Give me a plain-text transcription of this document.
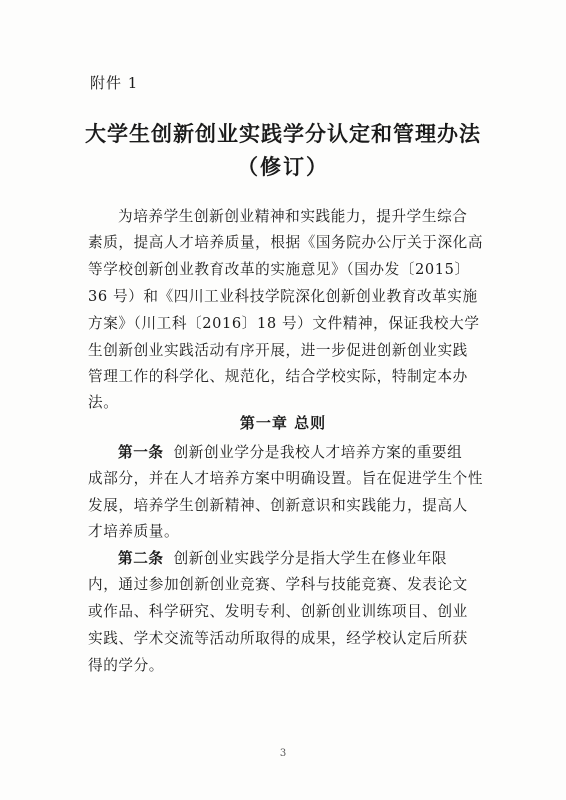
附件 1
大学生创新创业实践学分认定和管理办法
（修订）
为培养学生创新创业精神和实践能力，提升学生综合
素质，提高人才培养质量，根据《国务院办公厅关于深化高
等学校创新创业教育改革的实施意见》（国办发〔2015〕
36 号）和《四川工业科技学院深化创新创业教育改革实施
方案》（川工科〔2016〕18 号）文件精神，保证我校大学
生创新创业实践活动有序开展，进一步促进创新创业实践
管理工作的科学化、规范化，结合学校实际，特制定本办
法。
第一章 总则
第一条 创新创业学分是我校人才培养方案的重要组
成部分，并在人才培养方案中明确设置。旨在促进学生个性
发展，培养学生创新精神、创新意识和实践能力，提高人
才培养质量。
第二条 创新创业实践学分是指大学生在修业年限
内，通过参加创新创业竞赛、学科与技能竞赛、发表论文
或作品、科学研究、发明专利、创新创业训练项目、创业
实践、学术交流等活动所取得的成果，经学校认定后所获
得的学分。
3
